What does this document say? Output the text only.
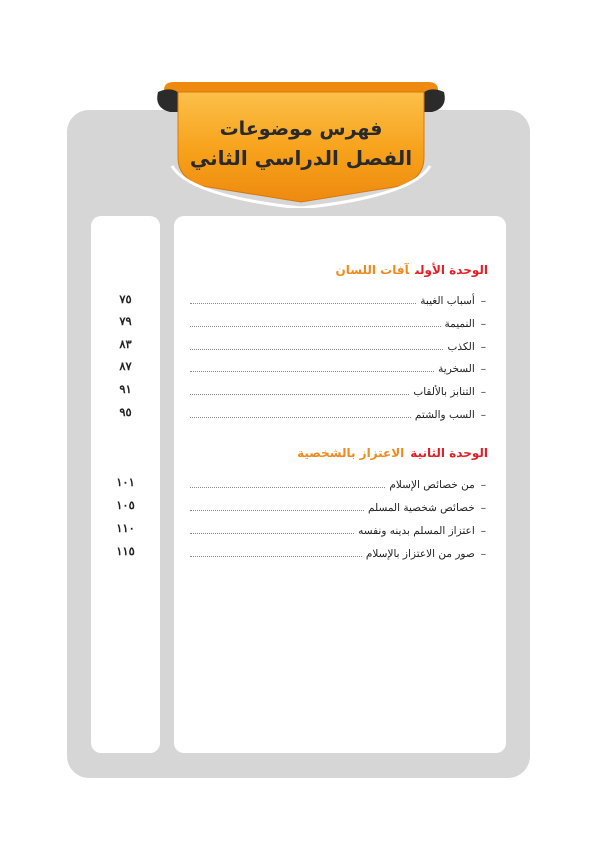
فهرس موضوعات
الفصل الدراسي الثاني
الوحدة الأولىآفات اللسان
–
أسباب الغيبة
–
النميمة
–
الكذب
–
السخرية
–
التنابز بالألقاب
–
السب والشتم
٧٥
٧٩
٨٣
٨٧
٩١
٩٥
الوحدة الثانيةالاعتزاز بالشخصية
–
من خصائص الإسلام
–
خصائص شخصية المسلم
–
اعتزاز المسلم بدينه ونفسه
–
صور من الاعتزاز بالإسلام
١٠١
١٠٥
١١٠
١١٥
